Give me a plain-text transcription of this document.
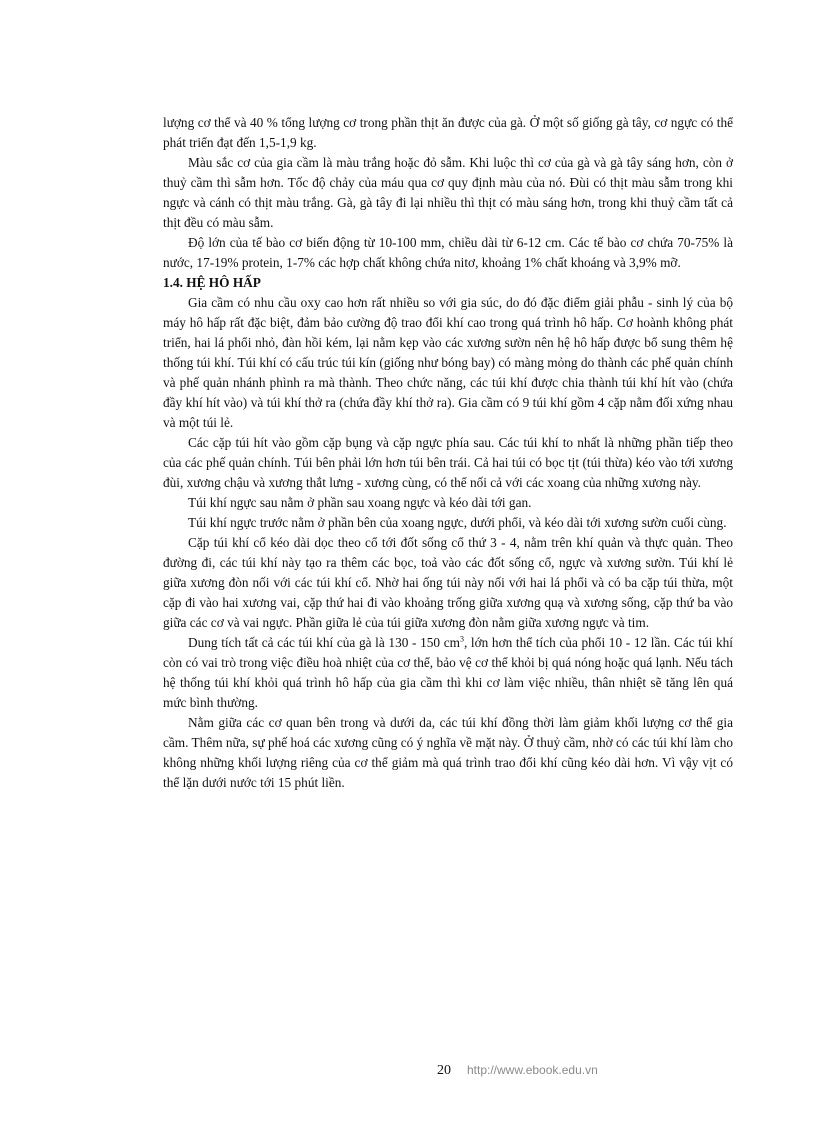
lượng cơ thể và 40 % tổng lượng cơ trong phần thịt ăn được của gà. Ở một số giống gà tây, cơ ngực có thể phát triển đạt đến 1,5-1,9 kg.

Màu sắc cơ của gia cầm là màu trắng hoặc đỏ sẫm. Khi luộc thì cơ của gà và gà tây sáng hơn, còn ở thuỷ cầm thì sẫm hơn. Tốc độ chảy của máu qua cơ quy định màu của nó. Đùi có thịt màu sẫm trong khi ngực và cánh có thịt màu trắng. Gà, gà tây đi lại nhiều thì thịt có màu sáng hơn, trong khi thuỷ cầm tất cả thịt đều có màu sẫm.

Độ lớn của tế bào cơ biến động từ 10-100 mm, chiều dài từ 6-12 cm. Các tế bào cơ chứa 70-75% là nước, 17-19% protein, 1-7% các hợp chất không chứa nitơ, khoảng 1% chất khoáng và 3,9% mỡ.

1.4. HỆ HÔ HẤP

Gia cầm có nhu cầu oxy cao hơn rất nhiều so với gia súc, do đó đặc điểm giải phẫu - sinh lý của bộ máy hô hấp rất đặc biệt, đảm bảo cường độ trao đổi khí cao trong quá trình hô hấp. Cơ hoành không phát triển, hai lá phổi nhỏ, đàn hồi kém, lại nằm kẹp vào các xương sườn nên hệ hô hấp được bổ sung thêm hệ thống túi khí. Túi khí có cấu trúc túi kín (giống như bóng bay) có màng mỏng do thành các phế quản chính và phế quản nhánh phình ra mà thành. Theo chức năng, các túi khí được chia thành túi khí hít vào (chứa đầy khí hít vào) và túi khí thở ra (chứa đầy khí thở ra). Gia cầm có 9 túi khí gồm 4 cặp nằm đối xứng nhau và một túi lẻ.

Các cặp túi hít vào gồm cặp bụng và cặp ngực phía sau. Các túi khí to nhất là những phần tiếp theo của các phế quản chính. Túi bên phải lớn hơn túi bên trái. Cả hai túi có bọc tịt (túi thừa) kéo vào tới xương đùi, xương chậu và xương thắt lưng - xương cùng, có thể nối cả với các xoang của những xương này.

Túi khí ngực sau nằm ở phần sau xoang ngực và kéo dài tới gan.

Túi khí ngực trước nằm ở phần bên của xoang ngực, dưới phổi, và kéo dài tới xương sườn cuối cùng.

Cặp túi khí cổ kéo dài dọc theo cổ tới đốt sống cổ thứ 3 - 4, nằm trên khí quản và thực quản. Theo đường đi, các túi khí này tạo ra thêm các bọc, toả vào các đốt sống cổ, ngực và xương sườn. Túi khí lẻ giữa xương đòn nối với các túi khí cổ. Nhờ hai ống túi này nối với hai lá phổi và có ba cặp túi thừa, một cặp đi vào hai xương vai, cặp thứ hai đi vào khoảng trống giữa xương quạ và xương sống, cặp thứ ba vào giữa các cơ và vai ngực. Phần giữa lẻ của túi giữa xương đòn nằm giữa xương ngực và tim.

Dung tích tất cả các túi khí của gà là 130 - 150 $cm^3$, lớn hơn thể tích của phổi 10 - 12 lần. Các túi khí còn có vai trò trong việc điều hoà nhiệt của cơ thể, bảo vệ cơ thể khỏi bị quá nóng hoặc quá lạnh. Nếu tách hệ thống túi khí khỏi quá trình hô hấp của gia cầm thì khi cơ làm việc nhiều, thân nhiệt sẽ tăng lên quá mức bình thường.

Nằm giữa các cơ quan bên trong và dưới da, các túi khí đồng thời làm giảm khối lượng cơ thể gia cầm. Thêm nữa, sự phế hoá các xương cũng có ý nghĩa về mặt này. Ở thuỷ cầm, nhờ có các túi khí làm cho không những khối lượng riêng của cơ thể giảm mà quá trình trao đổi khí cũng kéo dài hơn. Vì vậy vịt có thể lặn dưới nước tới 15 phút liền.

20 http://www.ebook.edu.vn
